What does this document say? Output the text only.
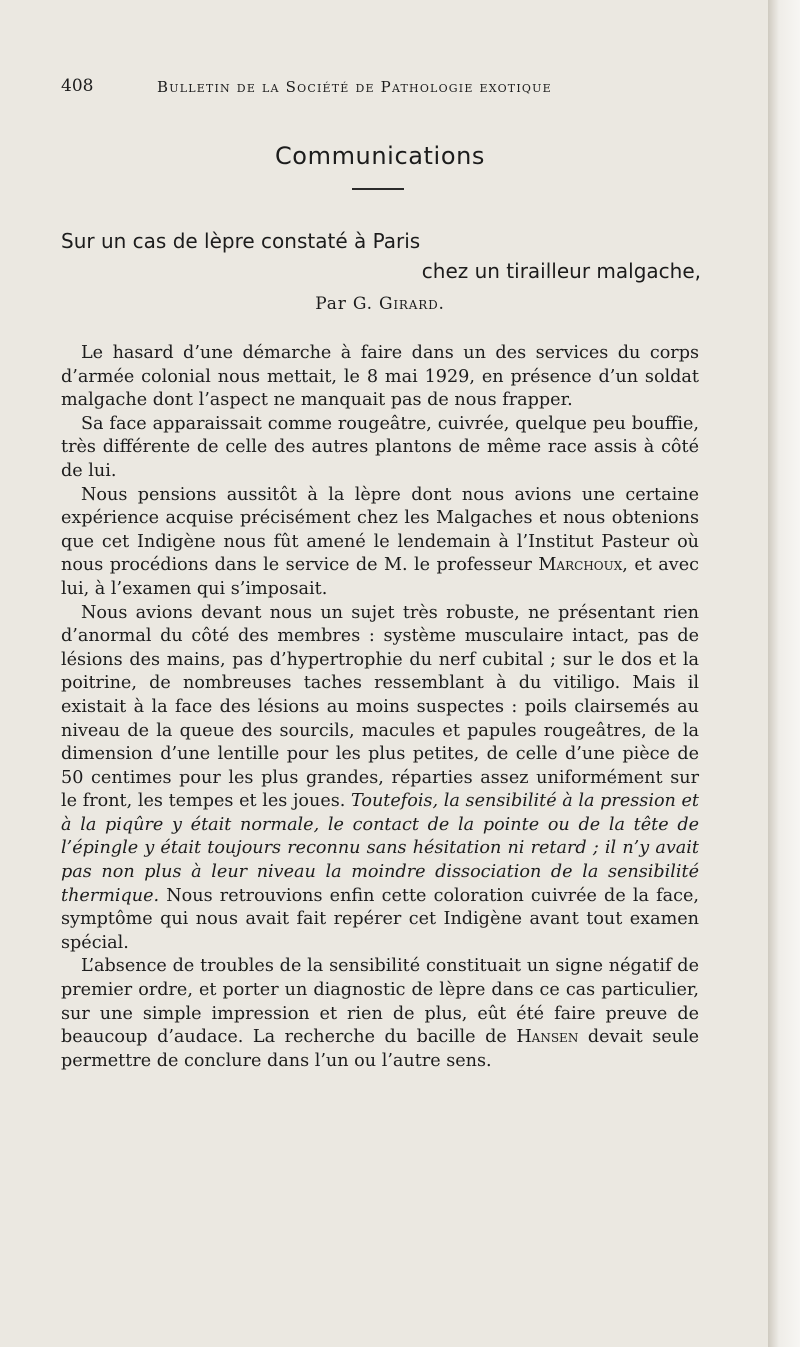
408	Bulletin de la Société de Pathologie exotique
Communications
Sur un cas de lèpre constaté à Paris
chez un tirailleur malgache,
Par G. Girard.

Le hasard d’une démarche à faire dans un des services du corps d’armée colonial nous mettait, le 8 mai 1929, en présence d’un soldat malgache dont l’aspect ne manquait pas de nous frapper.

Sa face apparaissait comme rougeâtre, cuivrée, quelque peu bouffie, très différente de celle des autres plantons de même race assis à côté de lui.

Nous pensions aussitôt à la lèpre dont nous avions une certaine expérience acquise précisément chez les Malgaches et nous obtenions que cet Indigène nous fût amené le lendemain à l’Institut Pasteur où nous procédions dans le service de M. le professeur Marchoux, et avec lui, à l’examen qui s’imposait.

Nous avions devant nous un sujet très robuste, ne présentant rien d’anormal du côté des membres : système musculaire intact, pas de lésions des mains, pas d’hypertrophie du nerf cubital ; sur le dos et la poitrine, de nombreuses taches ressemblant à du vitiligo. Mais il existait à la face des lésions au moins suspectes : poils clairsemés au niveau de la queue des sourcils, macules et papules rougeâtres, de la dimension d’une lentille pour les plus petites, de celle d’une pièce de 50 centimes pour les plus grandes, réparties assez uniformément sur le front, les tempes et les joues. Toutefois, la sensibilité à la pression et à la piqûre y était normale, le contact de la pointe ou de la tête de l’épingle y était toujours reconnu sans hésitation ni retard ; il n’y avait pas non plus à leur niveau la moindre dissociation de la sensibilité thermique. Nous retrouvions enfin cette coloration cuivrée de la face, symptôme qui nous avait fait repérer cet Indigène avant tout examen spécial.

L’absence de troubles de la sensibilité constituait un signe négatif de premier ordre, et porter un diagnostic de lèpre dans ce cas particulier, sur une simple impression et rien de plus, eût été faire preuve de beaucoup d’audace. La recherche du bacille de Hansen devait seule permettre de conclure dans l’un ou l’autre sens.
